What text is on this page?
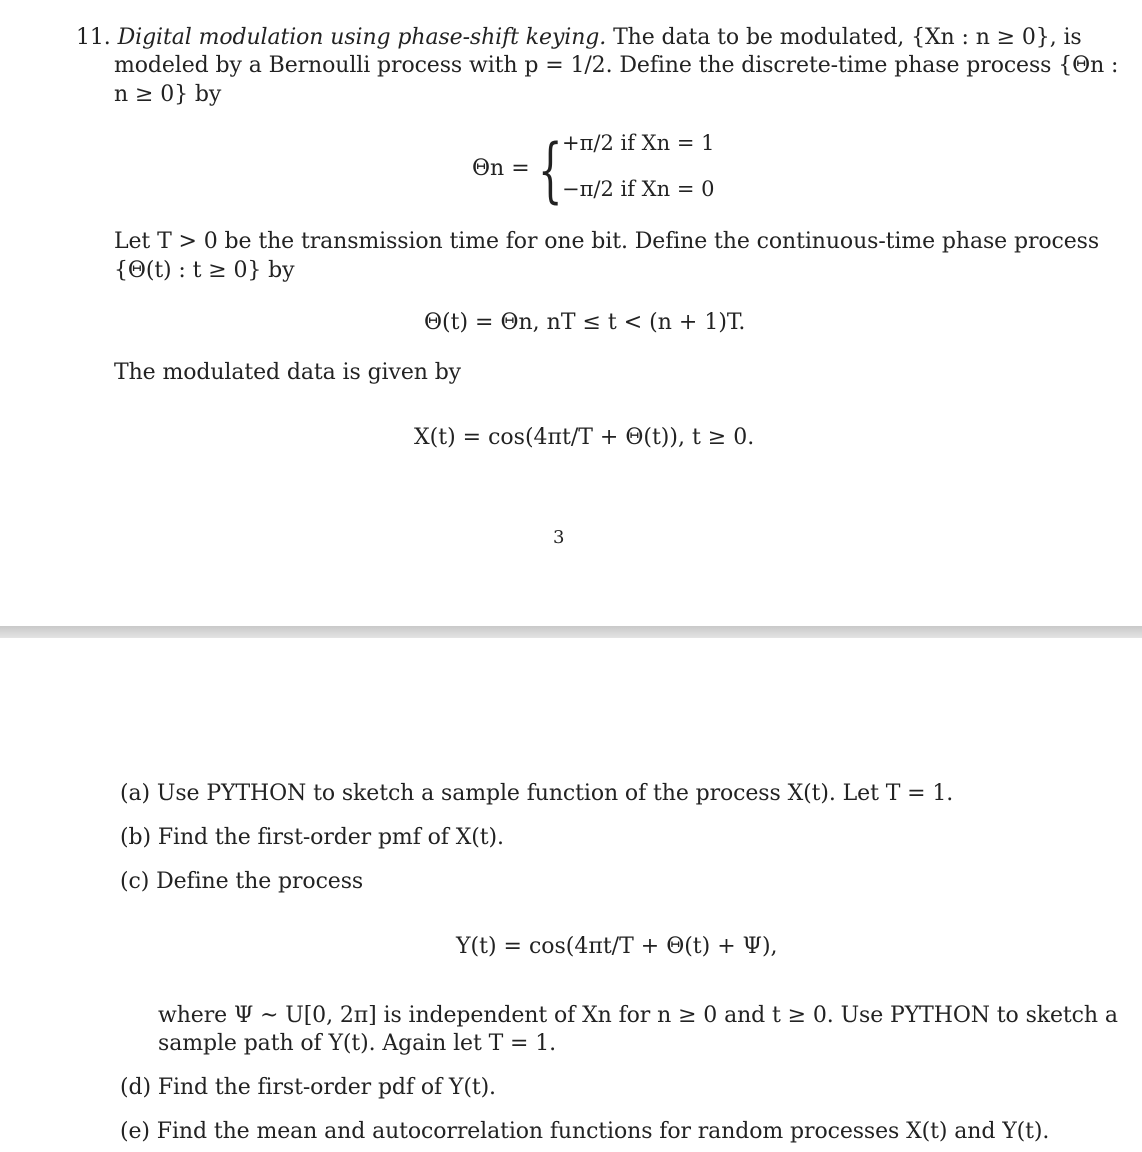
11. Digital modulation using phase-shift keying. The data to be modulated, {Xn : n ≥ 0}, is
modeled by a Bernoulli process with p = 1/2. Define the discrete-time phase process {Θn :
n ≥ 0} by
Θn = { +π/2 if Xn = 1
−π/2 if Xn = 0
Let T > 0 be the transmission time for one bit. Define the continuous-time phase process
{Θ(t) : t ≥ 0} by
Θ(t) = Θn, nT ≤ t < (n + 1)T.
The modulated data is given by
X(t) = cos(4πt/T + Θ(t)), t ≥ 0.
3
(a) Use PYTHON to sketch a sample function of the process X(t). Let T = 1.
(b) Find the first-order pmf of X(t).
(c) Define the process
Y(t) = cos(4πt/T + Θ(t) + Ψ),
where Ψ ~ U[0, 2π] is independent of Xn for n ≥ 0 and t ≥ 0. Use PYTHON to sketch a
sample path of Y(t). Again let T = 1.
(d) Find the first-order pdf of Y(t).
(e) Find the mean and autocorrelation functions for random processes X(t) and Y(t).
